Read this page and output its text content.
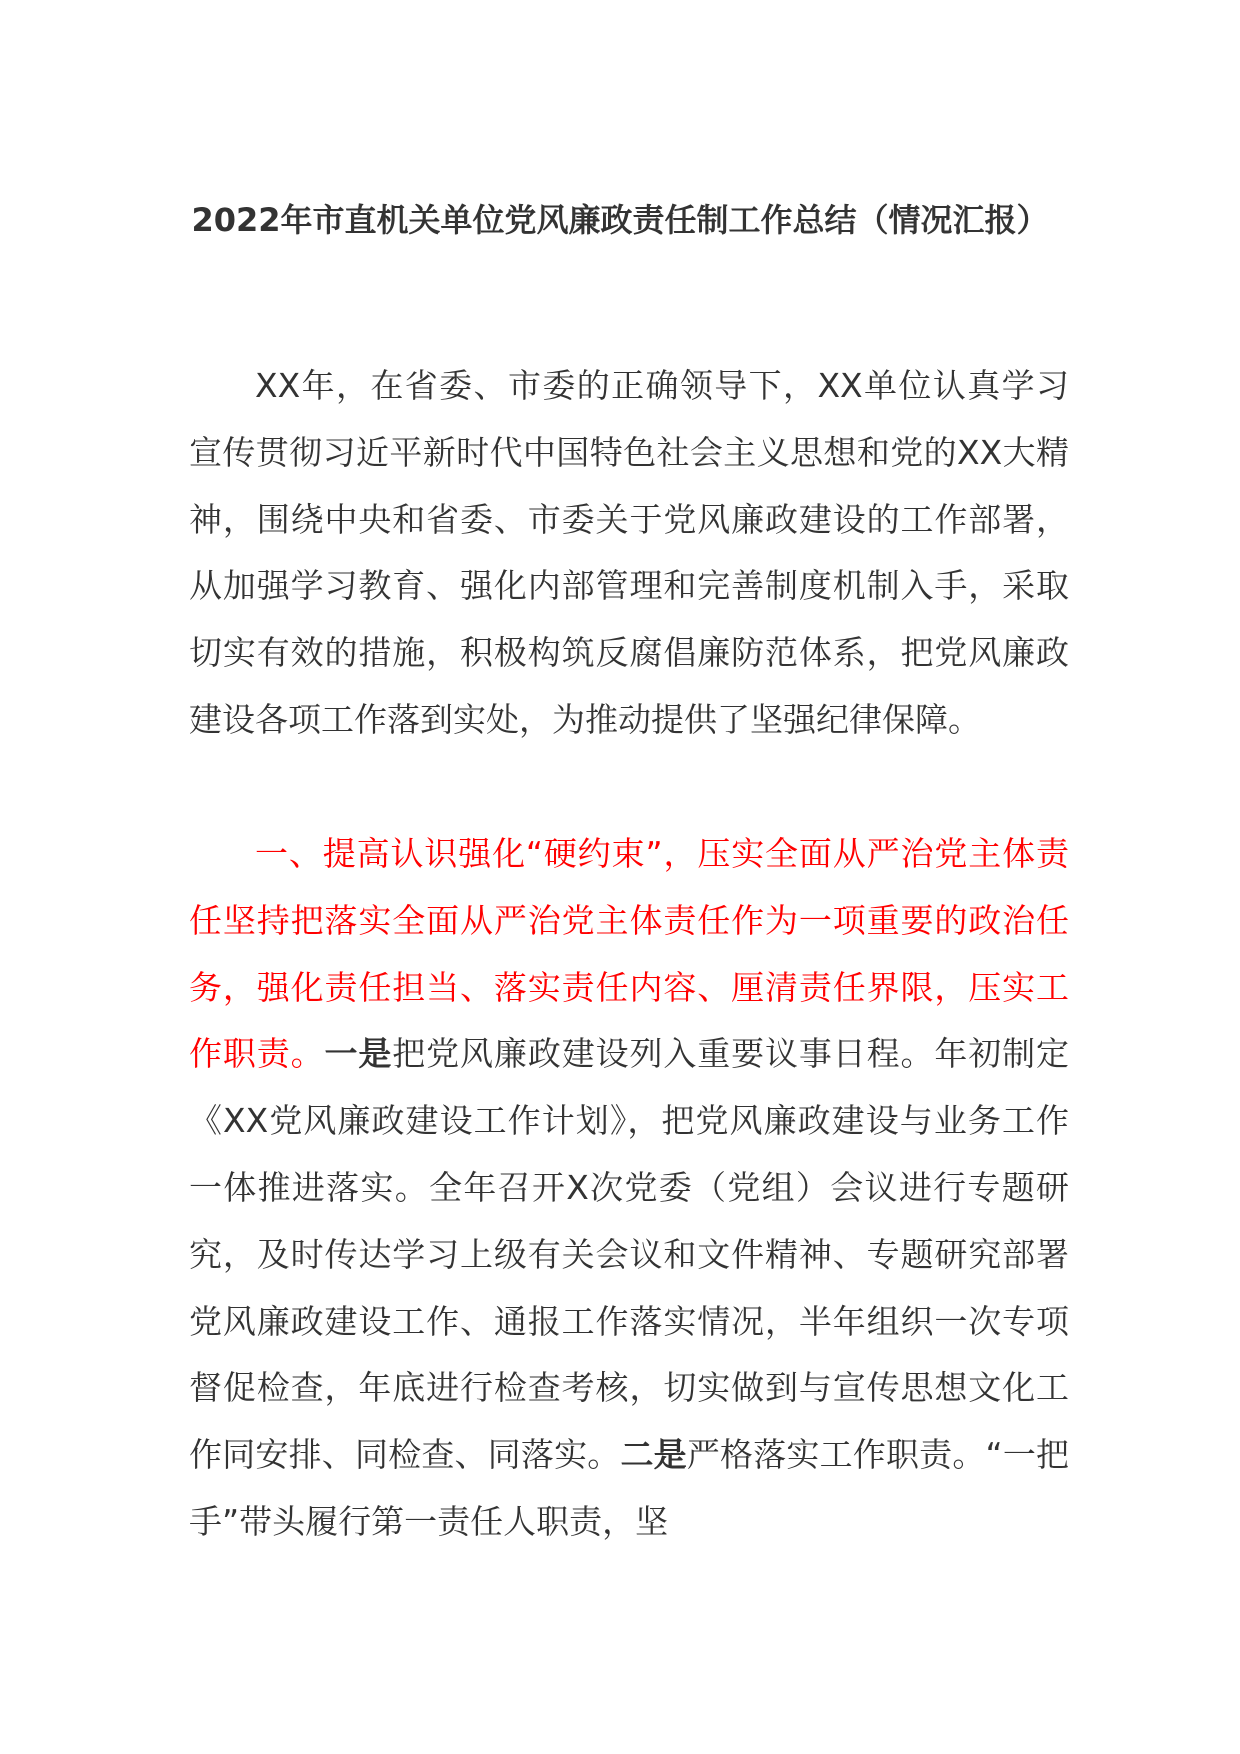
2022年市直机关单位党风廉政责任制工作总结（情况汇报）

XX年，在省委、市委的正确领导下，XX单位认真学习宣传贯彻习近平新时代中国特色社会主义思想和党的XX大精神，围绕中央和省委、市委关于党风廉政建设的工作部署，从加强学习教育、强化内部管理和完善制度机制入手，采取切实有效的措施，积极构筑反腐倡廉防范体系，把党风廉政建设各项工作落到实处，为推动提供了坚强纪律保障。

一、提高认识强化“硬约束”，压实全面从严治党主体责任坚持把落实全面从严治党主体责任作为一项重要的政治任务，强化责任担当、落实责任内容、厘清责任界限，压实工作职责。一是把党风廉政建设列入重要议事日程。年初制定《XX党风廉政建设工作计划》，把党风廉政建设与业务工作一体推进落实。全年召开X次党委（党组）会议进行专题研究，及时传达学习上级有关会议和文件精神、专题研究部署党风廉政建设工作、通报工作落实情况，半年组织一次专项督促检查，年底进行检查考核，切实做到与宣传思想文化工作同安排、同检查、同落实。二是严格落实工作职责。“一把手”带头履行第一责任人职责，坚
